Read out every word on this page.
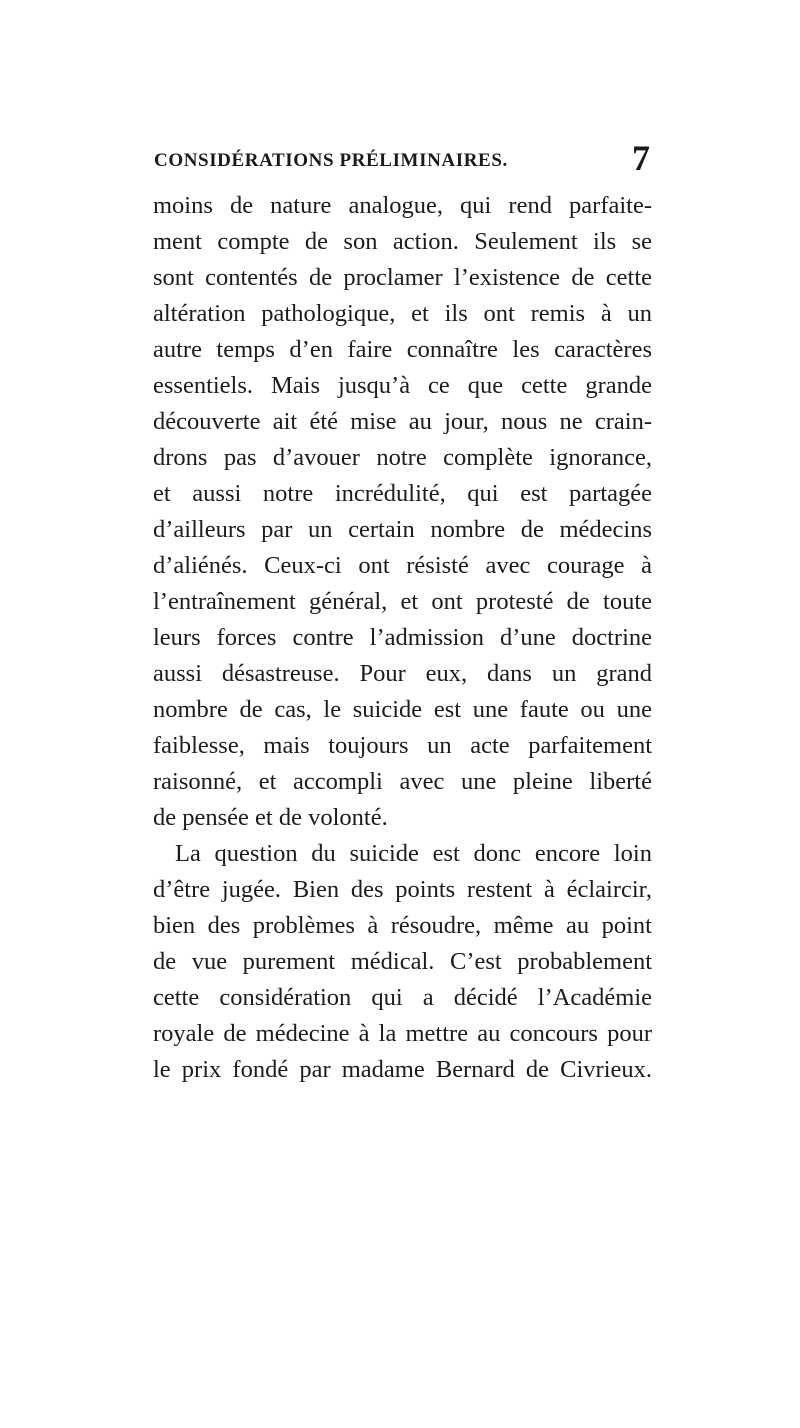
CONSIDÉRATIONS PRÉLIMINAIRES.	7
moins de nature analogue, qui rend parfaite-
ment compte de son action. Seulement ils se
sont contentés de proclamer l’existence de cette
altération pathologique, et ils ont remis à un
autre temps d’en faire connaître les caractères
essentiels. Mais jusqu’à ce que cette grande
découverte ait été mise au jour, nous ne crain-
drons pas d’avouer notre complète ignorance,
et aussi notre incrédulité, qui est partagée
d’ailleurs par un certain nombre de médecins
d’aliénés. Ceux-ci ont résisté avec courage à
l’entraînement général, et ont protesté de toute
leurs forces contre l’admission d’une doctrine
aussi désastreuse. Pour eux, dans un grand
nombre de cas, le suicide est une faute ou une
faiblesse, mais toujours un acte parfaitement
raisonné, et accompli avec une pleine liberté
de pensée et de volonté.
La question du suicide est donc encore loin
d’être jugée. Bien des points restent à éclaircir,
bien des problèmes à résoudre, même au point
de vue purement médical. C’est probablement
cette considération qui a décidé l’Académie
royale de médecine à la mettre au concours pour
le prix fondé par madame Bernard de Civrieux.
